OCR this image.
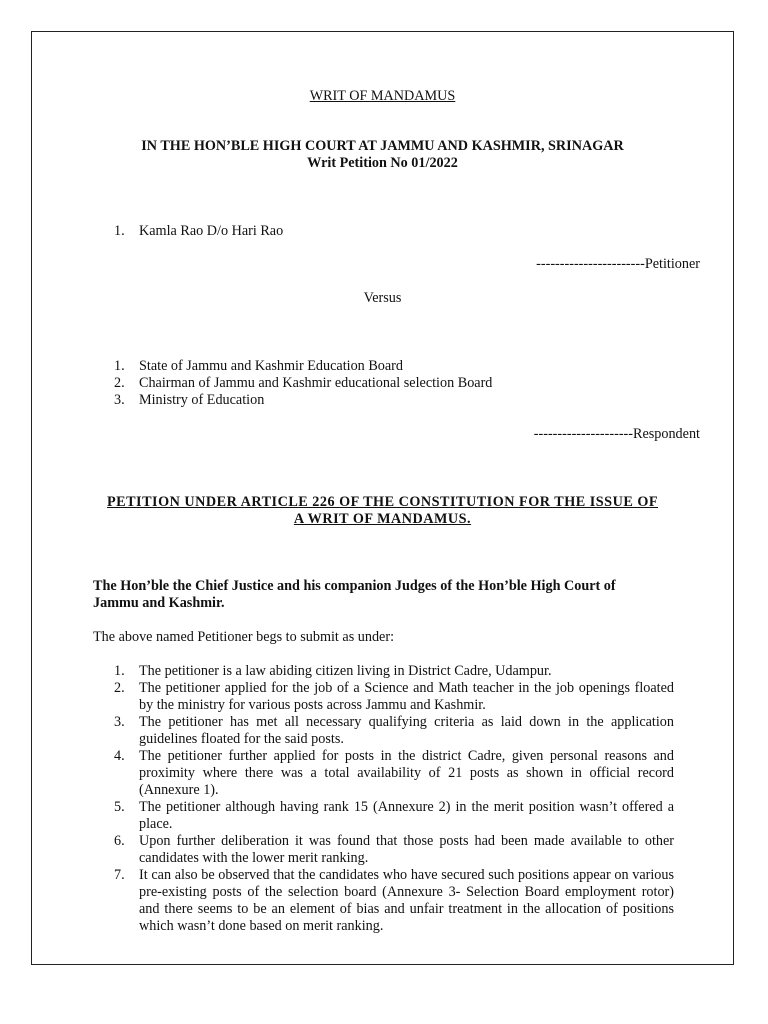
WRIT OF MANDAMUS
IN THE HON’BLE HIGH COURT AT JAMMU AND KASHMIR, SRINAGAR
Writ Petition No 01/2022
1. Kamla Rao D/o Hari Rao
-----------------------Petitioner
Versus
1. State of Jammu and Kashmir Education Board
2. Chairman of Jammu and Kashmir educational selection Board
3. Ministry of Education
---------------------Respondent
PETITION UNDER ARTICLE 226 OF THE CONSTITUTION FOR THE ISSUE OF
A WRIT OF MANDAMUS.
The Hon’ble the Chief Justice and his companion Judges of the Hon’ble High Court of
Jammu and Kashmir.
The above named Petitioner begs to submit as under:
1. The petitioner is a law abiding citizen living in District Cadre, Udampur.
2. The petitioner applied for the job of a Science and Math teacher in the job openings floated by the ministry for various posts across Jammu and Kashmir.
3. The petitioner has met all necessary qualifying criteria as laid down in the application guidelines floated for the said posts.
4. The petitioner further applied for posts in the district Cadre, given personal reasons and proximity where there was a total availability of 21 posts as shown in official record (Annexure 1).
5. The petitioner although having rank 15 (Annexure 2) in the merit position wasn’t offered a place.
6. Upon further deliberation it was found that those posts had been made available to other candidates with the lower merit ranking.
7. It can also be observed that the candidates who have secured such positions appear on various pre-existing posts of the selection board (Annexure 3- Selection Board employment rotor) and there seems to be an element of bias and unfair treatment in the allocation of positions which wasn’t done based on merit ranking.
